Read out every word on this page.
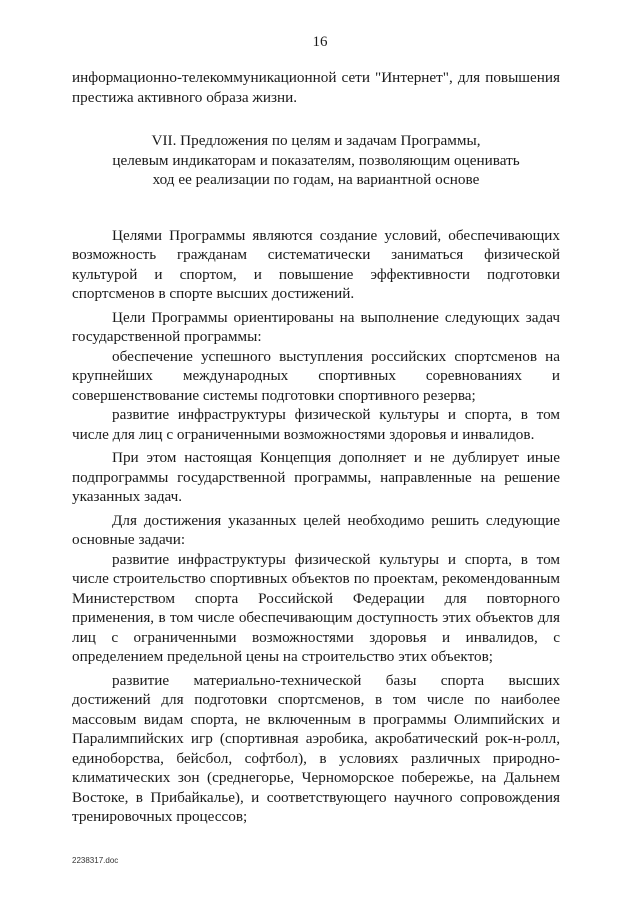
16

информационно-телекоммуникационной сети "Интернет", для повышения престижа активного образа жизни.

VII. Предложения по целям и задачам Программы,
целевым индикаторам и показателям, позволяющим оценивать
ход ее реализации по годам, на вариантной основе

Целями Программы являются создание условий, обеспечивающих возможность гражданам систематически заниматься физической культурой и спортом, и повышение эффективности подготовки спортсменов в спорте высших достижений.

Цели Программы ориентированы на выполнение следующих задач государственной программы:

обеспечение успешного выступления российских спортсменов на крупнейших международных спортивных соревнованиях и совершенствование системы подготовки спортивного резерва;

развитие инфраструктуры физической культуры и спорта, в том числе для лиц с ограниченными возможностями здоровья и инвалидов.

При этом настоящая Концепция дополняет и не дублирует иные подпрограммы государственной программы, направленные на решение указанных задач.

Для достижения указанных целей необходимо решить следующие основные задачи:

развитие инфраструктуры физической культуры и спорта, в том числе строительство спортивных объектов по проектам, рекомендованным Министерством спорта Российской Федерации для повторного применения, в том числе обеспечивающим доступность этих объектов для лиц с ограниченными возможностями здоровья и инвалидов, с определением предельной цены на строительство этих объектов;

развитие материально-технической базы спорта высших достижений для подготовки спортсменов, в том числе по наиболее массовым видам спорта, не включенным в программы Олимпийских и Паралимпийских игр (спортивная аэробика, акробатический рок-н-ролл, единоборства, бейсбол, софтбол), в условиях различных природно-климатических зон (среднегорье, Черноморское побережье, на Дальнем Востоке, в Прибайкалье), и соответствующего научного сопровождения тренировочных процессов;

2238317.doc
